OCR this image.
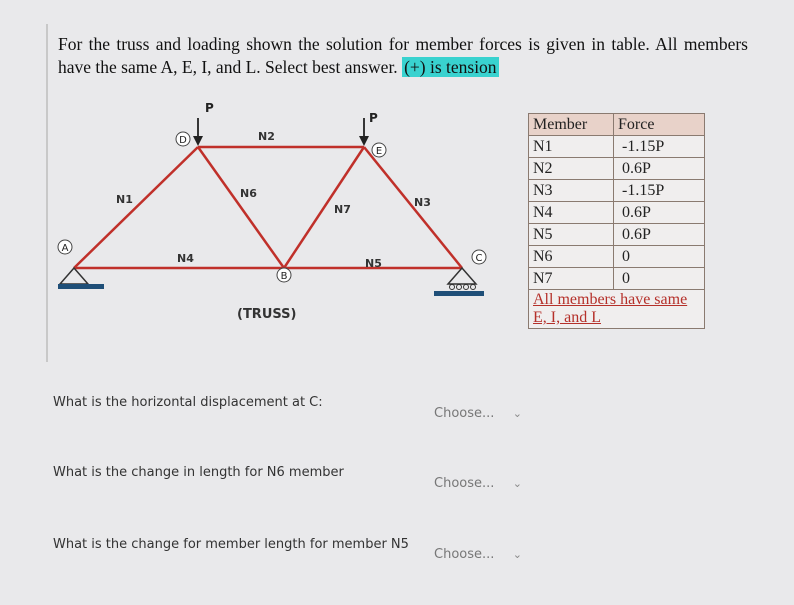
For the truss and loading shown the solution for member forces is given in table. All members have the same A, E, I, and L. Select best answer. (+) is tension
A
B
C
D
E
P
P
N1
N2
N3
N4	N5
N6
N7
(TRUSS)
Member	Force
N1	-1.15P
N2	0.6P
N3	-1.15P
N4	0.6P
N5	0.6P
N6	0
N7	0
All members have same E, I, and L	
What is the horizontal displacement at C:
Choose... ⌄
What is the change in length for N6 member
Choose... ⌄
What is the change for member length for member N5
Choose... ⌄
